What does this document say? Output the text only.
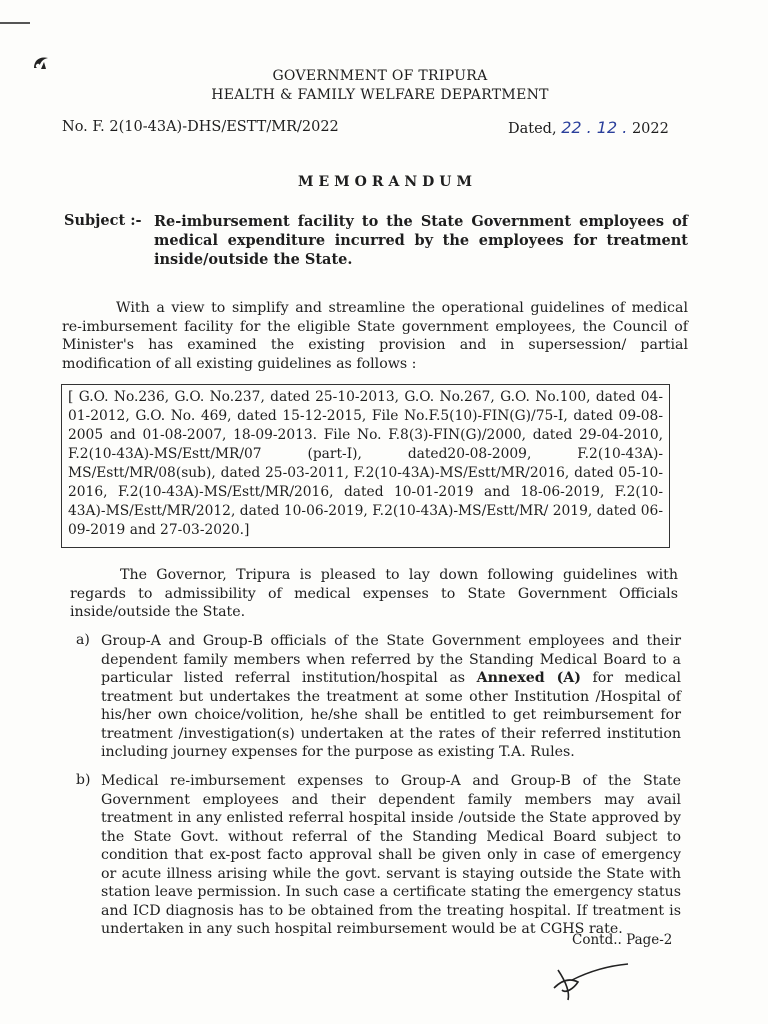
GOVERNMENT OF TRIPURA
HEALTH & FAMILY WELFARE DEPARTMENT
No. F. 2(10-43A)-DHS/ESTT/MR/2022	Dated, 22 . 12 . 2022
MEMORANDUM
Subject :- Re-imbursement facility to the State Government employees of medical expenditure incurred by the employees for treatment inside/outside the State.
With a view to simplify and streamline the operational guidelines of medical re-imbursement facility for the eligible State government employees, the Council of Minister's has examined the existing provision and in supersession/ partial modification of all existing guidelines as follows :
[ G.O. No.236, G.O. No.237, dated 25-10-2013, G.O. No.267, G.O. No.100, dated 04-01-2012, G.O. No. 469, dated 15-12-2015, File No.F.5(10)-FIN(G)/75-I, dated 09-08-2005 and 01-08-2007, 18-09-2013. File No. F.8(3)-FIN(G)/2000, dated 29-04-2010, F.2(10-43A)-MS/Estt/MR/07 (part-I), dated20-08-2009, F.2(10-43A)-MS/Estt/MR/08(sub), dated 25-03-2011, F.2(10-43A)-MS/Estt/MR/2016, dated 05-10-2016, F.2(10-43A)-MS/Estt/MR/2016, dated 10-01-2019 and 18-06-2019, F.2(10-43A)-MS/Estt/MR/2012, dated 10-06-2019, F.2(10-43A)-MS/Estt/MR/ 2019, dated 06-09-2019 and 27-03-2020.]
The Governor, Tripura is pleased to lay down following guidelines with regards to admissibility of medical expenses to State Government Officials inside/outside the State.
a) Group-A and Group-B officials of the State Government employees and their dependent family members when referred by the Standing Medical Board to a particular listed referral institution/hospital as Annexed (A) for medical treatment but undertakes the treatment at some other Institution /Hospital of his/her own choice/volition, he/she shall be entitled to get reimbursement for treatment /investigation(s) undertaken at the rates of their referred institution including journey expenses for the purpose as existing T.A. Rules.
b) Medical re-imbursement expenses to Group-A and Group-B of the State Government employees and their dependent family members may avail treatment in any enlisted referral hospital inside /outside the State approved by the State Govt. without referral of the Standing Medical Board subject to condition that ex-post facto approval shall be given only in case of emergency or acute illness arising while the govt. servant is staying outside the State with station leave permission. In such case a certificate stating the emergency status and ICD diagnosis has to be obtained from the treating hospital. If treatment is undertaken in any such hospital reimbursement would be at CGHS rate.
Contd.. Page-2
